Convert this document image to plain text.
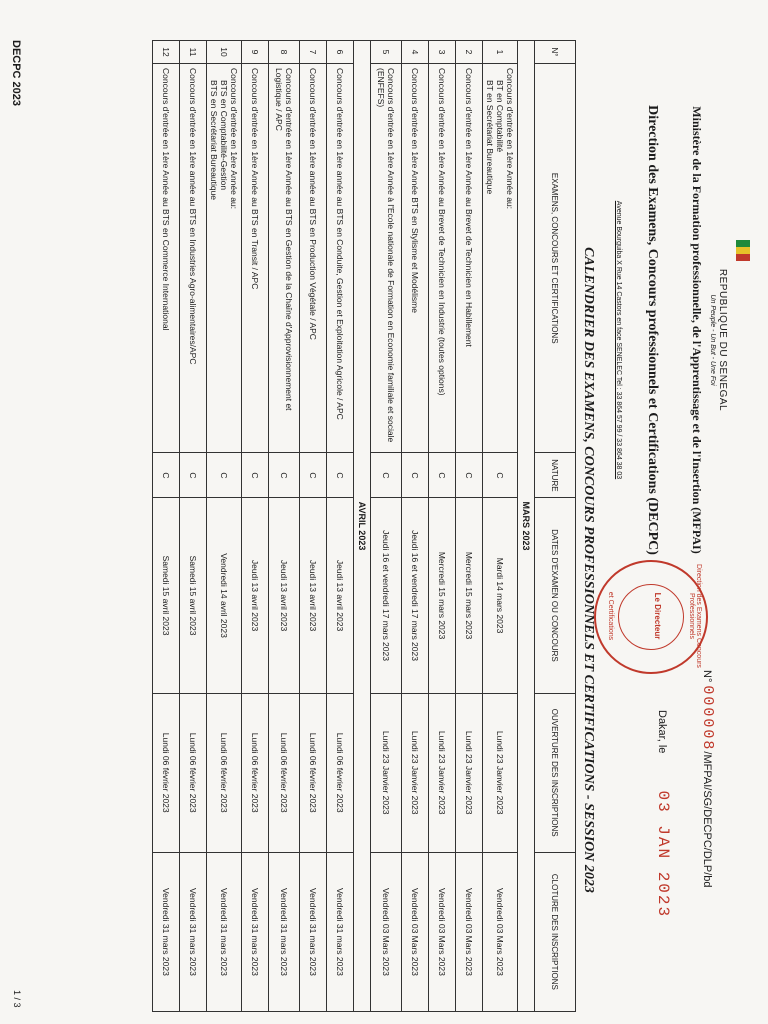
REPUBLIQUE DU SENEGAL
Un Peuple - Un But - Une Foi
Ministère de la Formation professionnelle, de l'Apprentissage et de l'Insertion (MFPAI)
Direction des Examens, Concours professionnels et Certifications (DECPC)
Avenue Bourguiba X Rue 14 Castors en face SENELEC Tel : 33 864 57 99 / 33 864 38 03
Direction des Examens Concours Professionnels
Le Directeur
et Certifications
N° 000008/MFPAI/SG/DECPC/DLP/bd
Dakar, le 03 JAN 2023
CALENDRIER DES EXAMENS, CONCOURS PROFESSIONNELS ET CERTIFICATIONS - SESSION 2023
N°	EXAMENS, CONCOURS ET CERTIFICATIONS	NATURE	DATES D'EXAMEN OU CONCOURS	OUVERTURE DES INSCRIPTIONS	CLOTURE DES INSCRIPTIONS
MARS 2023					
1	Concours d'entrée en 1ère Année au:
BT en Comptabilité
BT en Secrétariat Bureautique	C	Mardi 14 mars 2023	Lundi 23 Janvier 2023	Vendredi 03 Mars 2023
2	Concours d'entrée en 1ère Année au Brevet de Technicien en Habillement	C	Mercredi 15 mars 2023	Lundi 23 Janvier 2023	Vendredi 03 Mars 2023
3	Concours d'entrée en 1ère Année au Brevet de Technicien en Industrie (toutes options)	C	Mercredi 15 mars 2023	Lundi 23 Janvier 2023	Vendredi 03 Mars 2023
4	Concours d'entrée en 1ère Année BTS en Stylisme et Modélisme	C	Jeudi 16 et vendredi 17 mars 2023	Lundi 23 Janvier 2023	Vendredi 03 Mars 2023
5	Concours d'entrée en 1ère Année à l'Ecole nationale de Formation en Economie familiale et sociale (ENFEFS)	C	Jeudi 16 et vendredi 17 mars 2023	Lundi 23 Janvier 2023	Vendredi 03 Mars 2023
AVRIL 2023					
6	Concours d'entrée en 1ère année au BTS en Conduite, Gestion et Exploitation Agricole / APC	C	Jeudi 13 avril 2023	Lundi 06 février 2023	Vendredi 31 mars 2023
7	Concours d'entrée en 1ère année au BTS en Production Végétale / APC	C	Jeudi 13 avril 2023	Lundi 06 février 2023	Vendredi 31 mars 2023
8	Concours d'entrée en 1ère Année au BTS en Gestion de la Chaîne d'Approvisionnement et Logistique / APC	C	Jeudi 13 avril 2023	Lundi 06 février 2023	Vendredi 31 mars 2023
9	Concours d'entrée en 1ère Année au BTS en Transit / APC	C	Jeudi 13 avril 2023	Lundi 06 février 2023	Vendredi 31 mars 2023
10	Concours d'entrée en 1ère Année au:
BTS en Comptabilité-Gestion
BTS en Secrétariat Bureautique	C	Vendredi 14 avril 2023	Lundi 06 février 2023	Vendredi 31 mars 2023
11	Concours d'entrée en 1ère année au BTS en Industries Agro-alimentaires/APC	C	Samedi 15 avril 2023	Lundi 06 février 2023	Vendredi 31 mars 2023
12	Concours d'entrée en 1ère Année au BTS en Commerce International	C	Samedi 15 avril 2023	Lundi 06 février 2023	Vendredi 31 mars 2023
DECPC 2023
1 / 3
